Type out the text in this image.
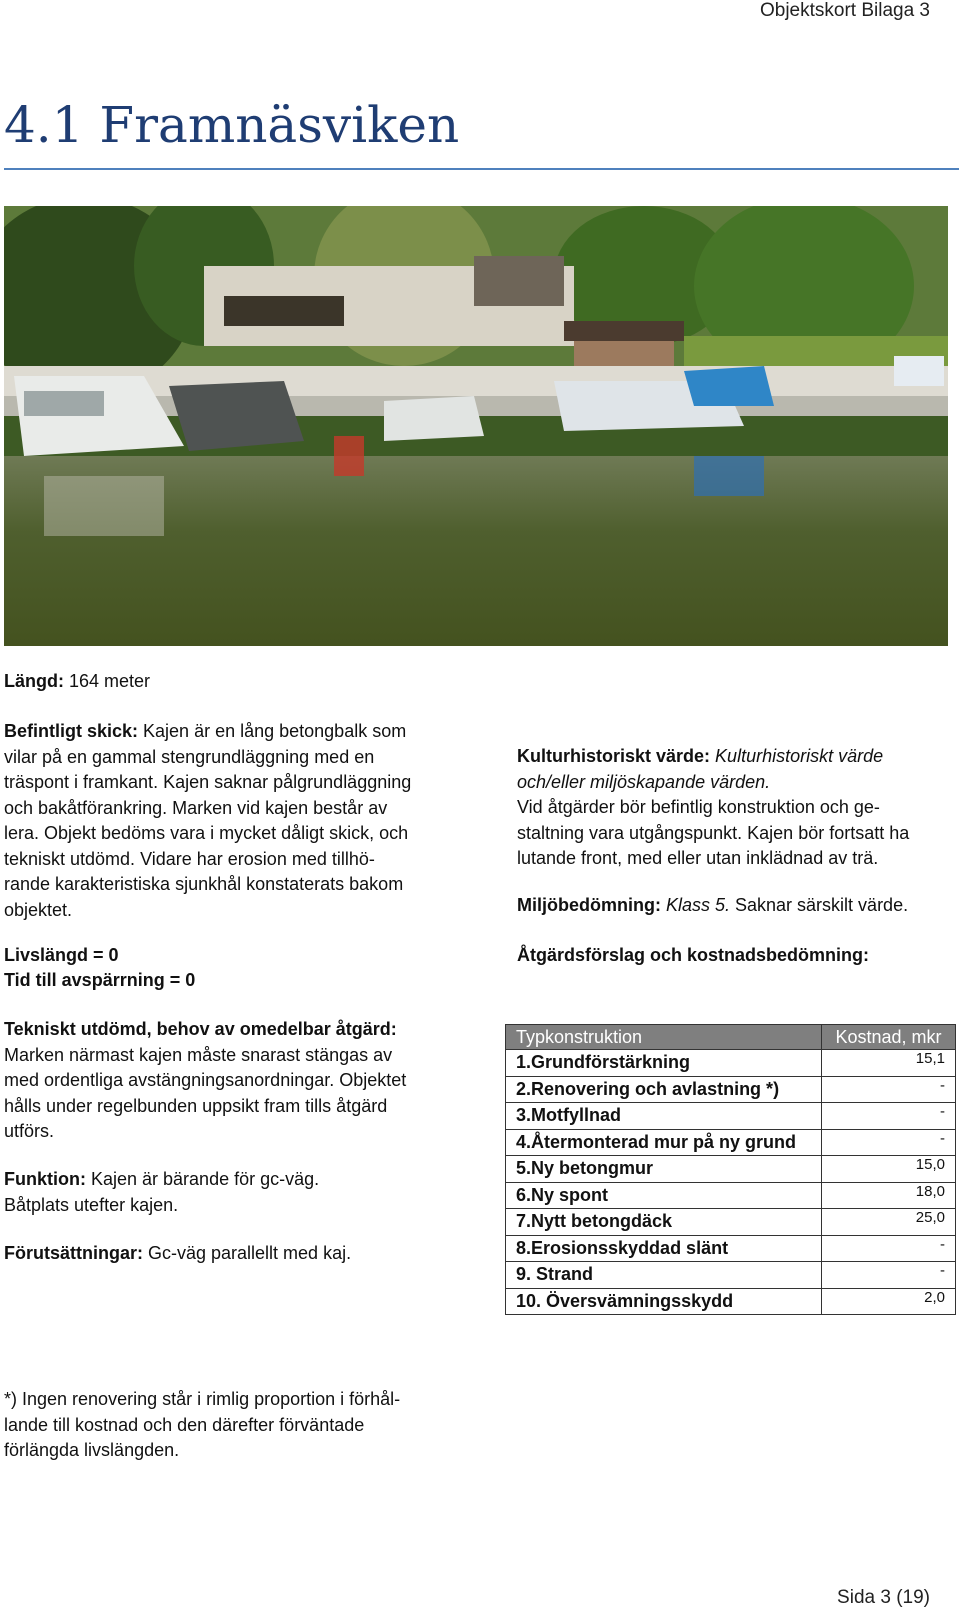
Objektskort Bilaga 3
4.1 Framnäsviken
Längd: 164 meter
Befintligt skick: Kajen är en lång betongbalk som
vilar på en gammal stengrundläggning med en
träspont i framkant. Kajen saknar pålgrundläggning
och bakåtförankring. Marken vid kajen består av
lera. Objekt bedöms vara i mycket dåligt skick, och
tekniskt utdömd. Vidare har erosion med tillhö-
rande karakteristiska sjunkhål konstaterats bakom
objektet.
Livslängd = 0
Tid till avspärrning = 0
Tekniskt utdömd, behov av omedelbar åtgärd:
Marken närmast kajen måste snarast stängas av
med ordentliga avstängningsanordningar. Objektet
hålls under regelbunden uppsikt fram tills åtgärd
utförs.
Funktion: Kajen är bärande för gc-väg.
Båtplats utefter kajen.
Förutsättningar: Gc-väg parallellt med kaj.
Kulturhistoriskt värde: Kulturhistoriskt värde
och/eller miljöskapande värden.
Vid åtgärder bör befintlig konstruktion och ge-
staltning vara utgångspunkt. Kajen bör fortsatt ha
lutande front, med eller utan inklädnad av trä.
Miljöbedömning: Klass 5. Saknar särskilt värde.
Åtgärdsförslag och kostnadsbedömning:
Typkonstruktion	Kostnad, mkr
1.Grundförstärkning	15,1
2.Renovering och avlastning *)	-
3.Motfyllnad	-
4.Återmonterad mur på ny grund	-
5.Ny betongmur	15,0
6.Ny spont	18,0
7.Nytt betongdäck	25,0
8.Erosionsskyddad slänt	-
9. Strand	-
10. Översvämningsskydd	2,0
*) Ingen renovering står i rimlig proportion i förhål-
lande till kostnad och den därefter förväntade
förlängda livslängden.
Sida 3 (19)
